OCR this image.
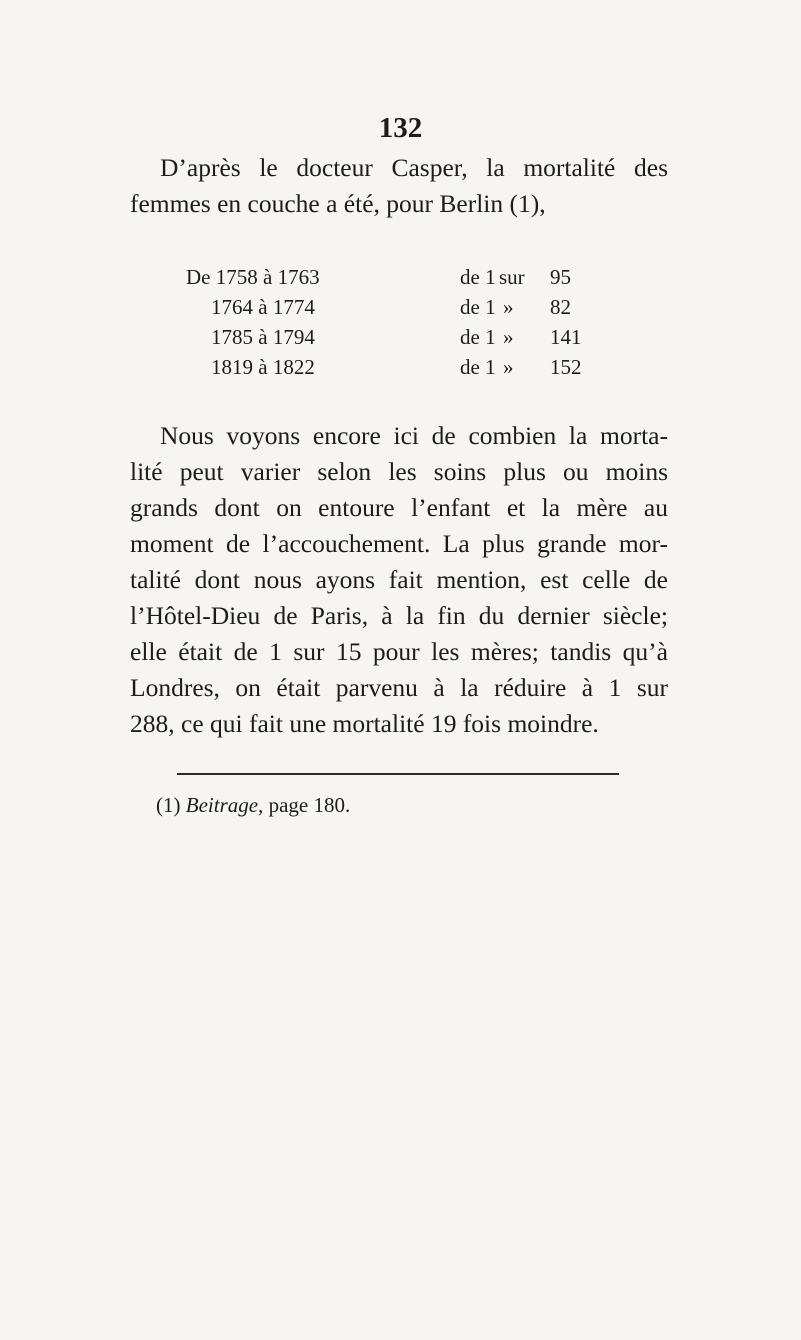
132

D’après le docteur Casper, la mortalité des
femmes en couche a été, pour Berlin (1),

De 1758 à 1763	de 1 sur 95
1764 à 1774	de 1 » 82
1785 à 1794	de 1 » 141
1819 à 1822	de 1 » 152

Nous voyons encore ici de combien la morta-
lité peut varier selon les soins plus ou moins
grands dont on entoure l’enfant et la mère au
moment de l’accouchement. La plus grande mor-
talité dont nous ayons fait mention, est celle de
l’Hôtel-Dieu de Paris, à la fin du dernier siècle;
elle était de 1 sur 15 pour les mères; tandis qu’à
Londres, on était parvenu à la réduire à 1 sur
288, ce qui fait une mortalité 19 fois moindre.

(1) Beitrage, page 180.
